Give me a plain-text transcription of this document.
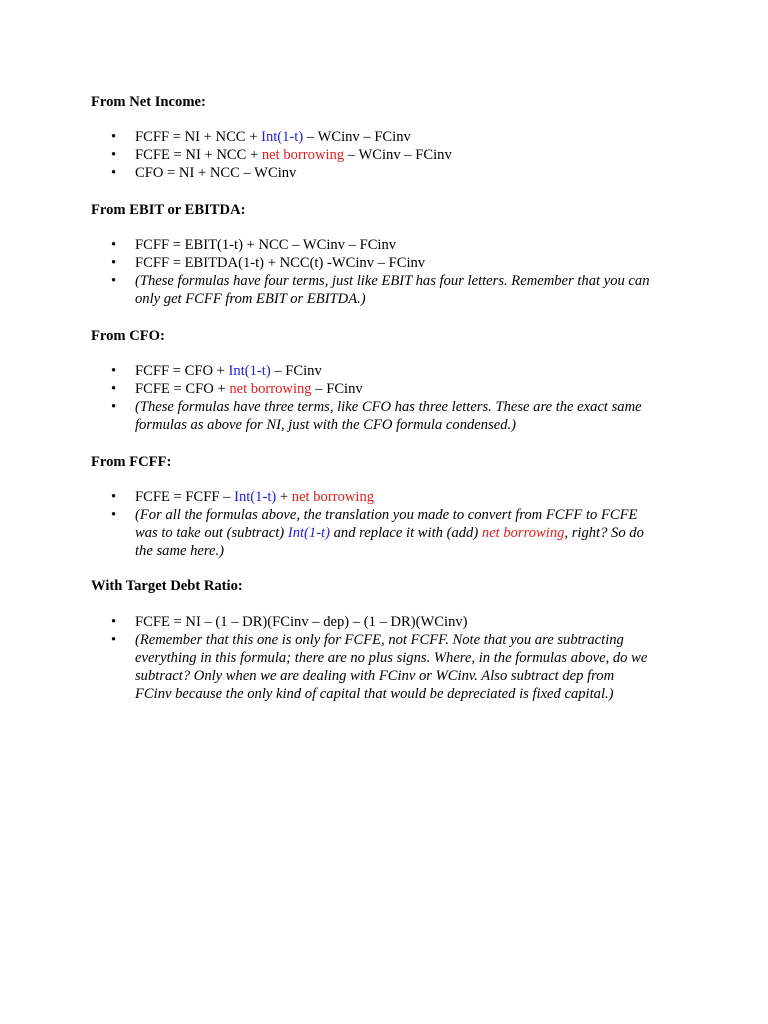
From Net Income:
• FCFF = NI + NCC + Int(1-t) – WCinv – FCinv
• FCFE = NI + NCC + net borrowing – WCinv – FCinv
• CFO = NI + NCC – WCinv
From EBIT or EBITDA:
• FCFF = EBIT(1-t) + NCC – WCinv – FCinv
• FCFF = EBITDA(1-t) + NCC(t) -WCinv – FCinv
• (These formulas have four terms, just like EBIT has four letters. Remember that you can
only get FCFF from EBIT or EBITDA.)
From CFO:
• FCFF = CFO + Int(1-t) – FCinv
• FCFE = CFO + net borrowing – FCinv
• (These formulas have three terms, like CFO has three letters. These are the exact same
formulas as above for NI, just with the CFO formula condensed.)
From FCFF:
• FCFE = FCFF – Int(1-t) + net borrowing
• (For all the formulas above, the translation you made to convert from FCFF to FCFE
was to take out (subtract) Int(1-t) and replace it with (add) net borrowing, right? So do
the same here.)
With Target Debt Ratio:
• FCFE = NI – (1 – DR)(FCinv – dep) – (1 – DR)(WCinv)
• (Remember that this one is only for FCFE, not FCFF. Note that you are subtracting
everything in this formula; there are no plus signs. Where, in the formulas above, do we
subtract? Only when we are dealing with FCinv or WCinv. Also subtract dep from
FCinv because the only kind of capital that would be depreciated is fixed capital.)
